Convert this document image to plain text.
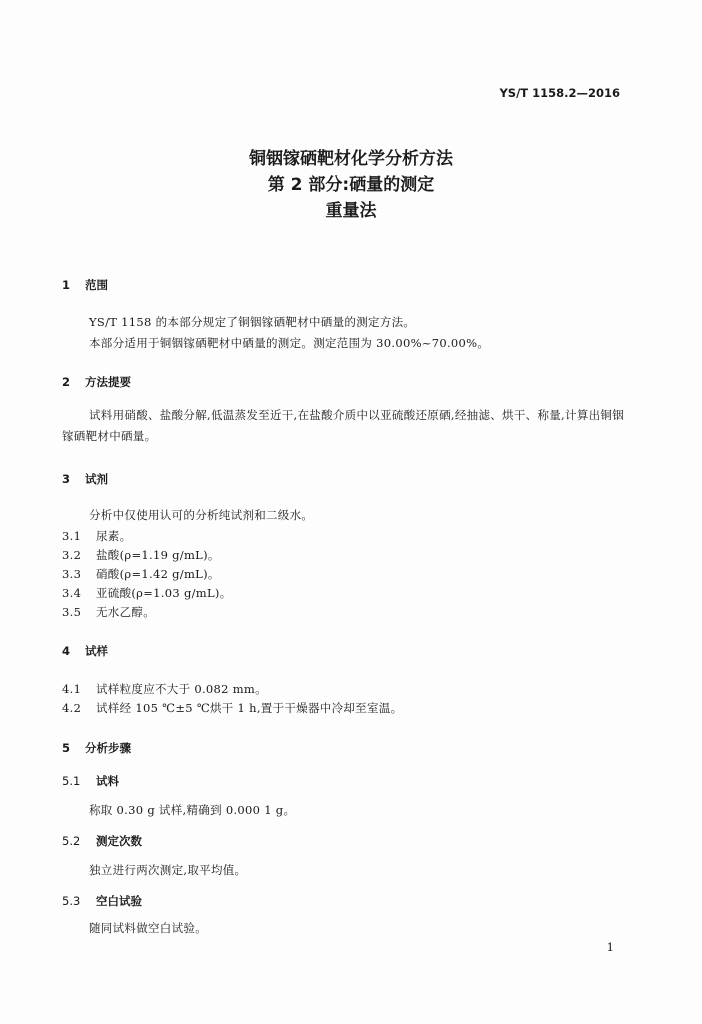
YS/T 1158.2—2016
铜铟镓硒靶材化学分析方法
第 2 部分:硒量的测定
重量法
1 范围
YS/T 1158 的本部分规定了铜铟镓硒靶材中硒量的测定方法。
本部分适用于铜铟镓硒靶材中硒量的测定。测定范围为 30.00%~70.00%。
2 方法提要
试料用硝酸、盐酸分解,低温蒸发至近干,在盐酸介质中以亚硫酸还原硒,经抽滤、烘干、称量,计算出铜铟镓硒靶材中硒量。
3 试剂
分析中仅使用认可的分析纯试剂和二级水。
3.1 尿素。
3.2 盐酸(ρ=1.19 g/mL)。
3.3 硝酸(ρ=1.42 g/mL)。
3.4 亚硫酸(ρ=1.03 g/mL)。
3.5 无水乙醇。
4 试样
4.1 试样粒度应不大于 0.082 mm。
4.2 试样经 105 ℃±5 ℃烘干 1 h,置于干燥器中冷却至室温。
5 分析步骤
5.1 试料
称取 0.30 g 试样,精确到 0.000 1 g。
5.2 测定次数
独立进行两次测定,取平均值。
5.3 空白试验
随同试料做空白试验。
1
